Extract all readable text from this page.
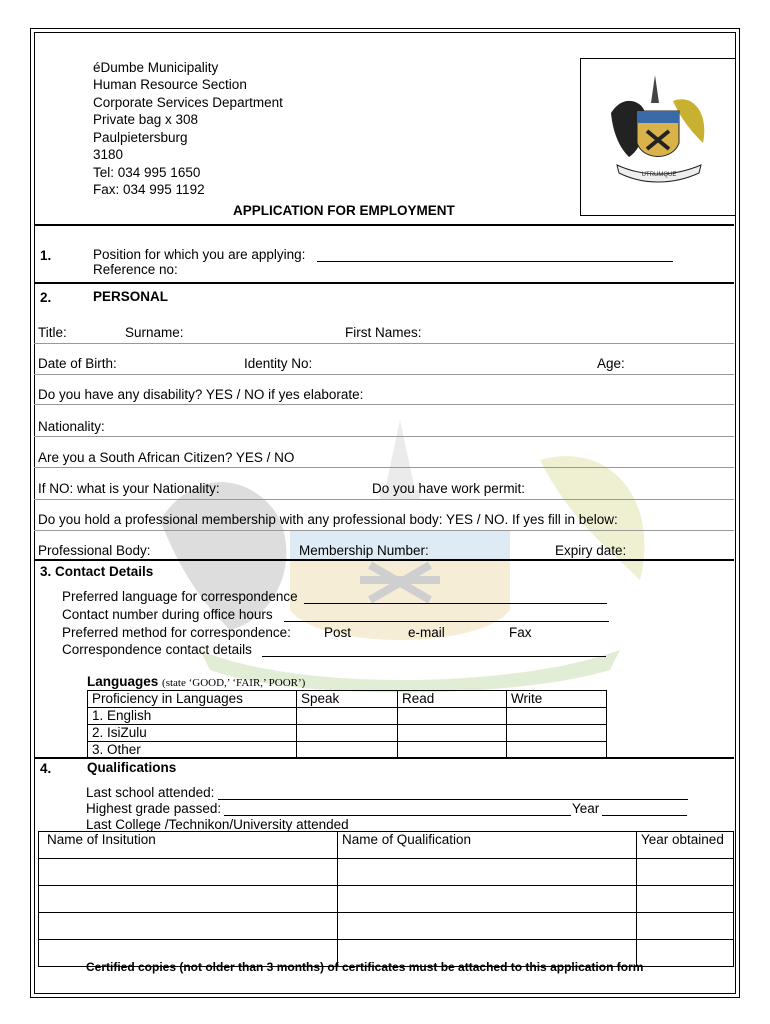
éDumbe Municipality
Human Resource Section
Corporate Services Department
Private bag x 308
Paulpietersburg
3180
Tel: 034 995 1650
Fax: 034 995 1192
APPLICATION FOR EMPLOYMENT
UTRUMQUE
1.	Position for which you are applying:
Reference no:
2.	PERSONAL
Title:	Surname:	First Names:
Date of Birth:	Identity No:	Age:
Do you have any disability? YES / NO if yes elaborate:
Nationality:
Are you a South African Citizen? YES / NO
If NO: what is your Nationality:	Do you have work permit:
Do you hold a professional membership with any professional body: YES / NO. If yes fill in below:
Professional Body:	Membership Number:	Expiry date:
3. Contact Details
Preferred language for correspondence
Contact number during office hours
Preferred method for correspondence: Post	e-mail	Fax
Correspondence contact details
Languages (state ‘GOOD,’ ‘FAIR,’ POOR’)
Proficiency in Languages	Speak	Read	Write
1. English			
2. IsiZulu			
3. Other			
4.	Qualifications
Last school attended:
Highest grade passed:	Year
Last College /Technikon/University attended
Name of Insitution	Name of Qualification	Year obtained

Certified copies (not older than 3 months) of certificates must be attached to this application form
